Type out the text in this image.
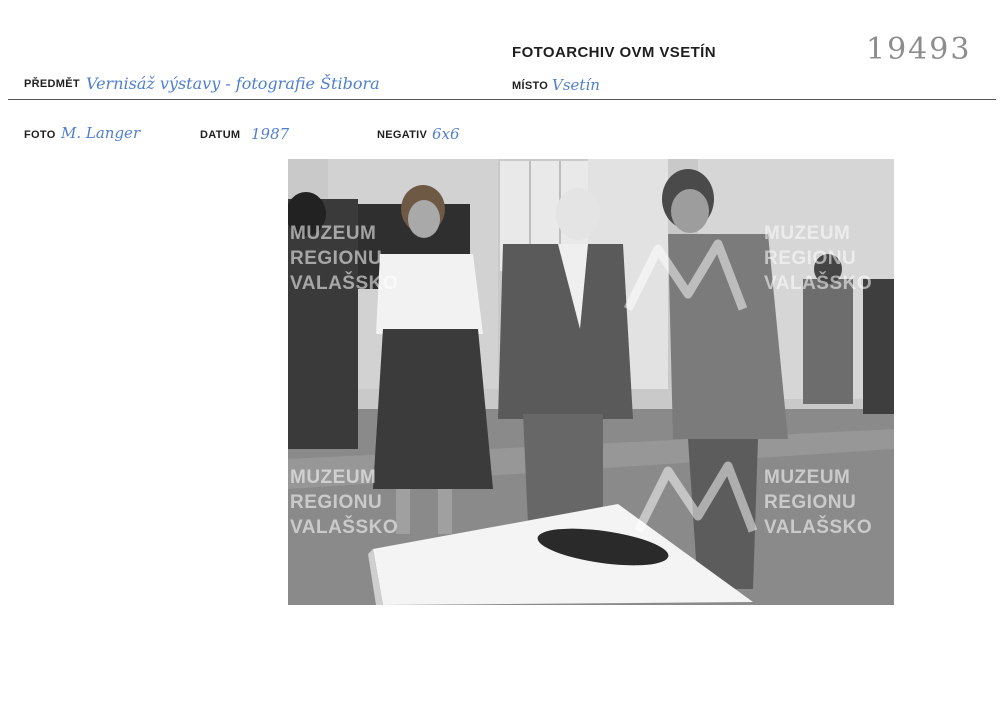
FOTOARCHIV OVM VSETÍN	19493
PŘEDMĚT Vernisáž výstavy - fotografie Štibora	MÍSTO Vsetín
FOTO M. Langer	DATUM 1987	NEGATIV 6x6
MUZEUM
REGIONU
VALAŠSKO
MUZEUM
REGIONU
VALAŠSKO
MUZEUM
REGIONU
VALAŠSKO
MUZEUM
REGIONU
VALAŠSKO
